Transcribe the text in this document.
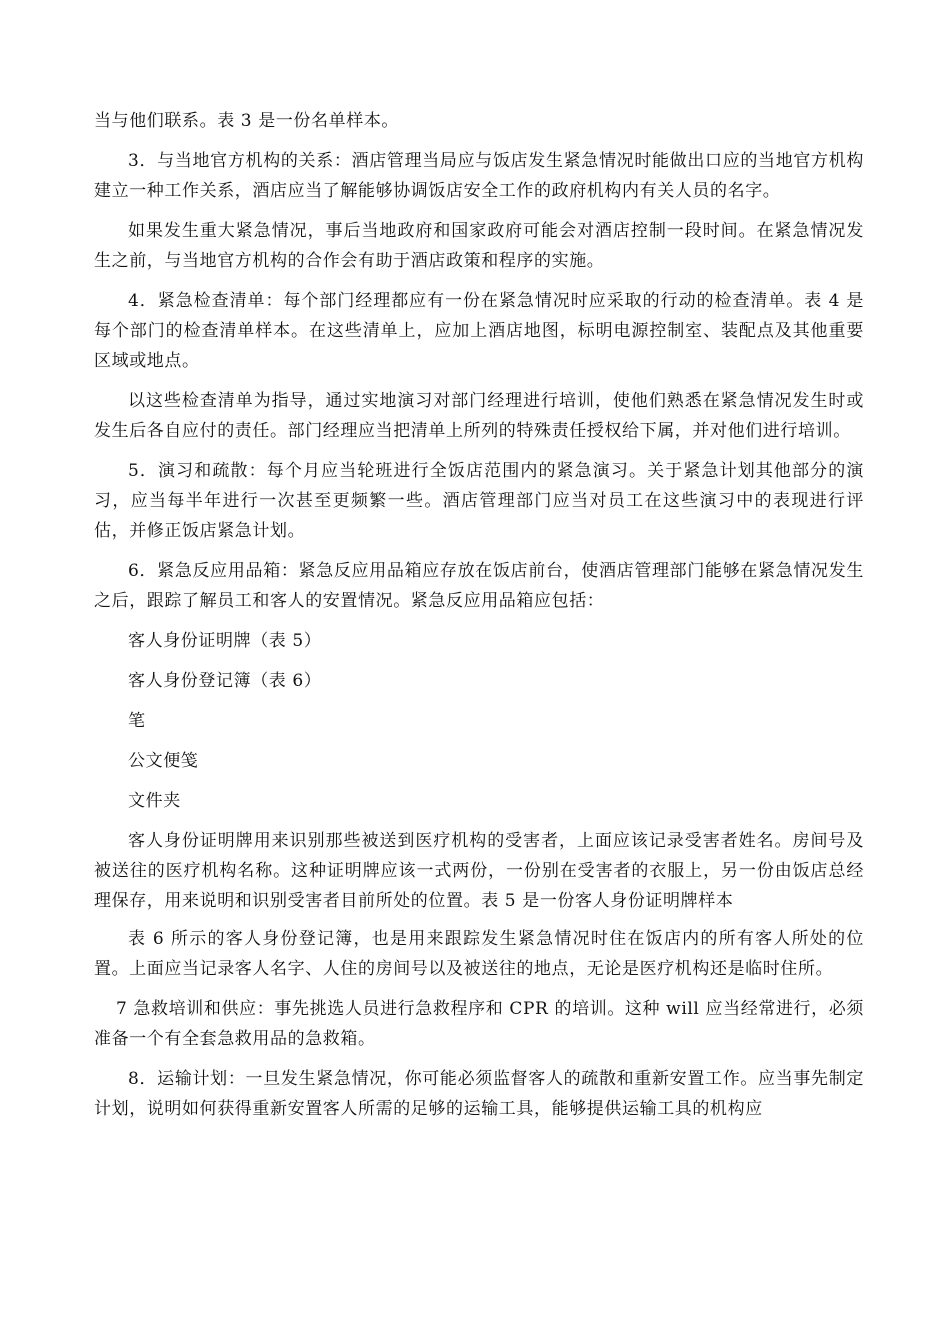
当与他们联系。表 3 是一份名单样本。

3．与当地官方机构的关系：酒店管理当局应与饭店发生紧急情况时能做出口应的当地官方机构建立一种工作关系，酒店应当了解能够协调饭店安全工作的政府机构内有关人员的名字。

如果发生重大紧急情况，事后当地政府和国家政府可能会对酒店控制一段时间。在紧急情况发生之前，与当地官方机构的合作会有助于酒店政策和程序的实施。

4．紧急检查清单：每个部门经理都应有一份在紧急情况时应采取的行动的检查清单。表 4 是每个部门的检查清单样本。在这些清单上，应加上酒店地图，标明电源控制室、装配点及其他重要区域或地点。

以这些检查清单为指导，通过实地演习对部门经理进行培训，使他们熟悉在紧急情况发生时或发生后各自应付的责任。部门经理应当把清单上所列的特殊责任授权给下属，并对他们进行培训。

5．演习和疏散：每个月应当轮班进行全饭店范围内的紧急演习。关于紧急计划其他部分的演习，应当每半年进行一次甚至更频繁一些。酒店管理部门应当对员工在这些演习中的表现进行评估，并修正饭店紧急计划。

6．紧急反应用品箱：紧急反应用品箱应存放在饭店前台，使酒店管理部门能够在紧急情况发生之后，跟踪了解员工和客人的安置情况。紧急反应用品箱应包括：

客人身份证明牌（表 5）

客人身份登记簿（表 6）

笔

公文便笺

文件夹

客人身份证明牌用来识别那些被送到医疗机构的受害者，上面应该记录受害者姓名。房间号及被送往的医疗机构名称。这种证明牌应该一式两份，一份别在受害者的衣服上，另一份由饭店总经理保存，用来说明和识别受害者目前所处的位置。表 5 是一份客人身份证明牌样本

表 6 所示的客人身份登记簿，也是用来跟踪发生紧急情况时住在饭店内的所有客人所处的位置。上面应当记录客人名字、人住的房间号以及被送往的地点，无论是医疗机构还是临时住所。

7 急救培训和供应：事先挑选人员进行急救程序和 CPR 的培训。这种 will 应当经常进行，必须准备一个有全套急救用品的急救箱。

8．运输计划：一旦发生紧急情况，你可能必须监督客人的疏散和重新安置工作。应当事先制定计划，说明如何获得重新安置客人所需的足够的运输工具，能够提供运输工具的机构应
